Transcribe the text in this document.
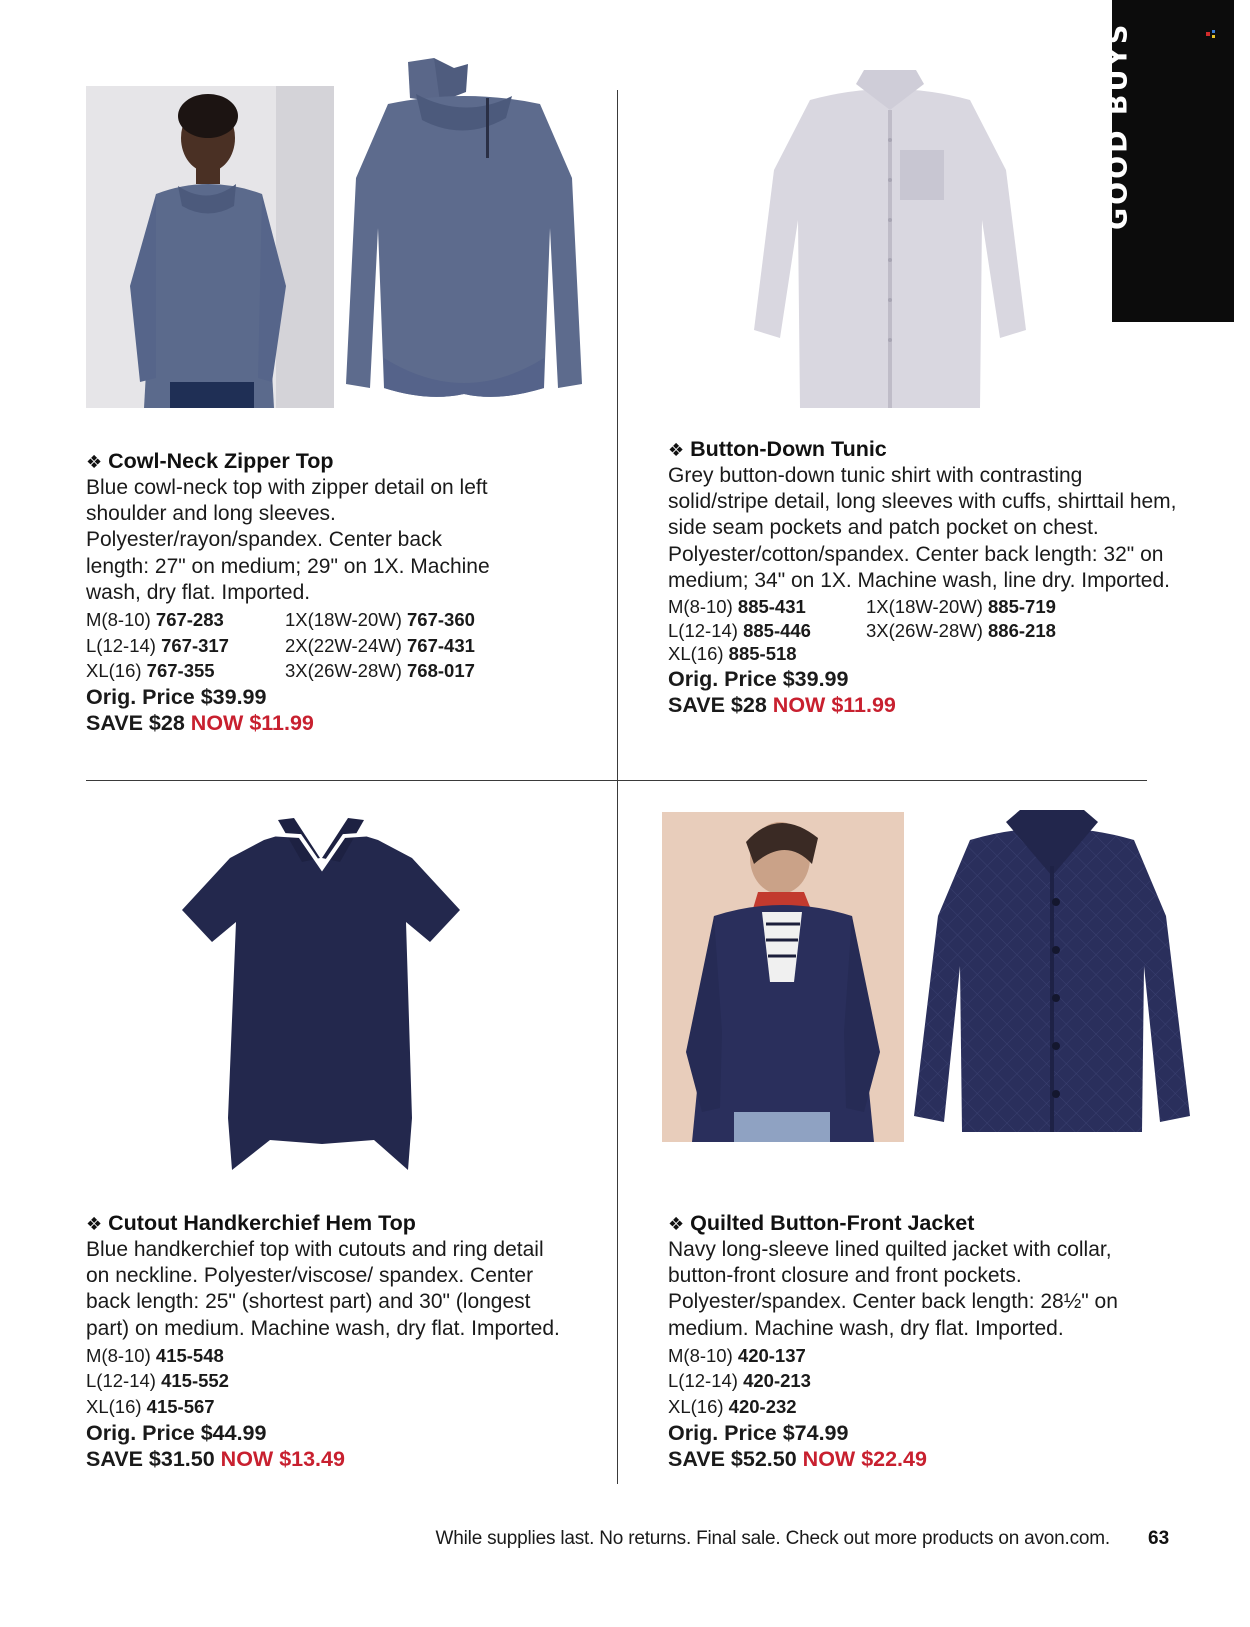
GOOD BUYS
❖ Cowl-Neck Zipper Top
Blue cowl-neck top with zipper detail on left shoulder and long sleeves. Polyester/rayon/spandex. Center back length: 27" on medium; 29" on 1X. Machine wash, dry flat. Imported.
M(8-10) 767-283	1X(18W-20W) 767-360
L(12-14) 767-317	2X(22W-24W) 767-431
XL(16) 767-355	3X(26W-28W) 768-017
Orig. Price $39.99
SAVE $28 NOW $11.99
❖ Button-Down Tunic
Grey button-down tunic shirt with contrasting solid/stripe detail, long sleeves with cuffs, shirttail hem, side seam pockets and patch pocket on chest. Polyester/cotton/spandex. Center back length: 32" on medium; 34" on 1X. Machine wash, line dry. Imported.
M(8-10) 885-431	1X(18W-20W) 885-719
L(12-14) 885-446	3X(26W-28W) 886-218
XL(16) 885-518
Orig. Price $39.99
SAVE $28 NOW $11.99
❖ Cutout Handkerchief Hem Top
Blue handkerchief top with cutouts and ring detail on neckline. Polyester/viscose/ spandex. Center back length: 25" (shortest part) and 30" (longest part) on medium. Machine wash, dry flat. Imported.
M(8-10) 415-548
L(12-14) 415-552
XL(16) 415-567
Orig. Price $44.99
SAVE $31.50 NOW $13.49
❖ Quilted Button-Front Jacket
Navy long-sleeve lined quilted jacket with collar, button-front closure and front pockets. Polyester/spandex. Center back length: 28½" on medium. Machine wash, dry flat. Imported.
M(8-10) 420-137
L(12-14) 420-213
XL(16) 420-232
Orig. Price $74.99
SAVE $52.50 NOW $22.49
While supplies last. No returns. Final sale. Check out more products on avon.com. 63
